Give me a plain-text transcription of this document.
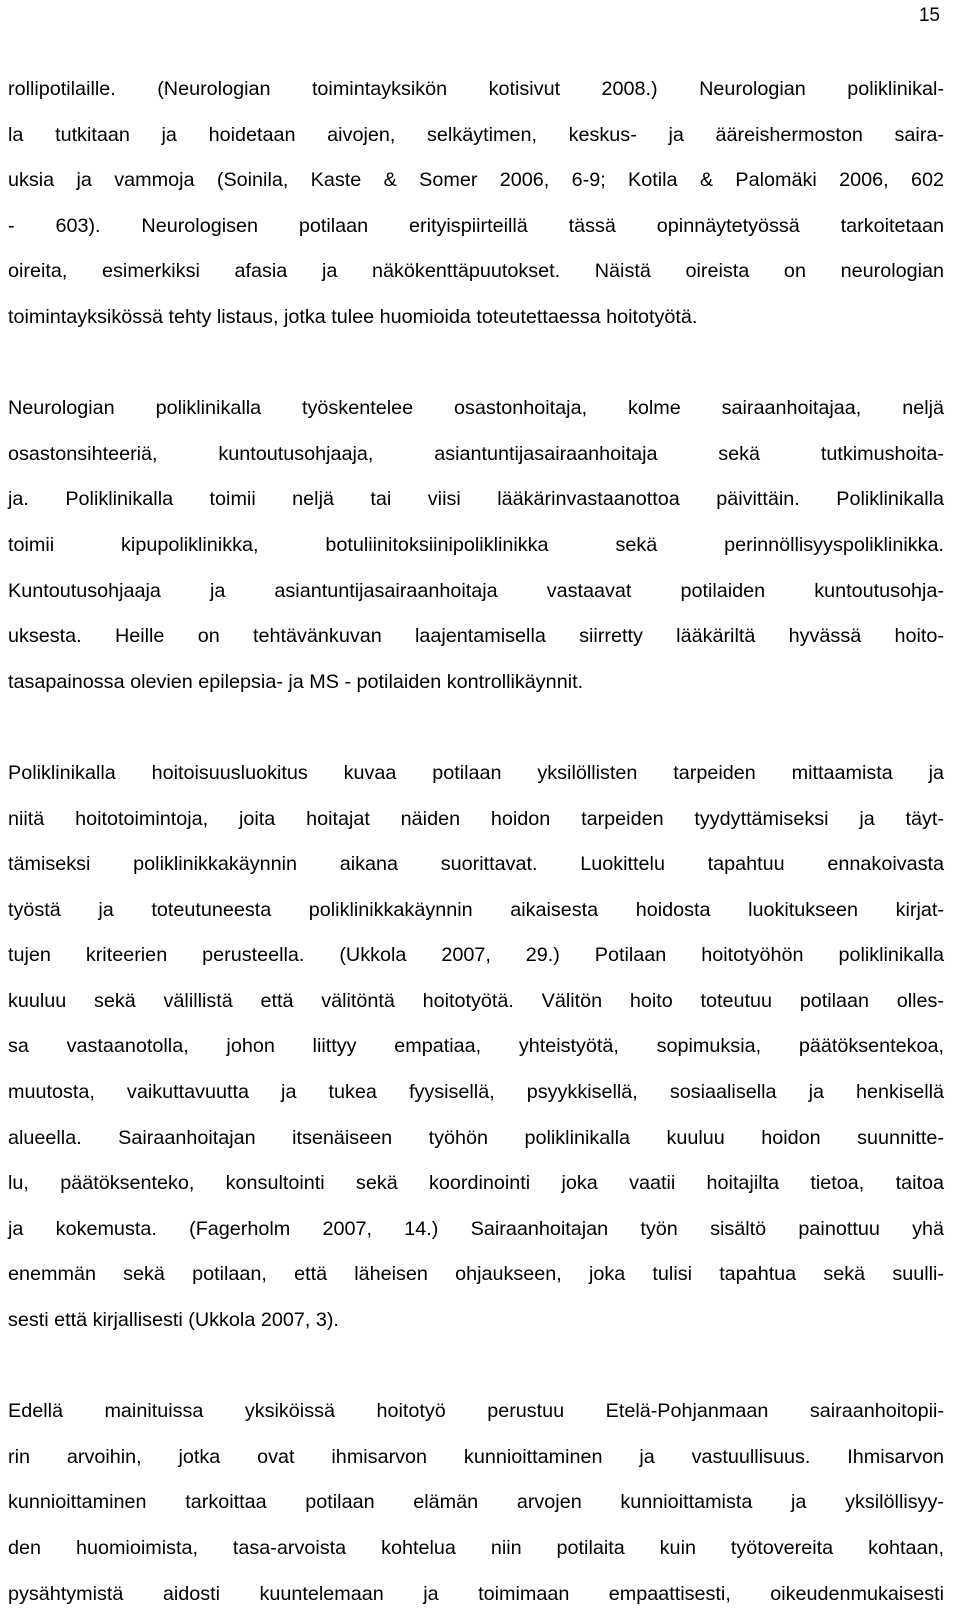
15
rollipotilaille. (Neurologian toimintayksikön kotisivut 2008.) Neurologian poliklinikal-
la tutkitaan ja hoidetaan aivojen, selkäytimen, keskus- ja ääreishermoston saira-
uksia ja vammoja (Soinila, Kaste & Somer 2006, 6-9; Kotila & Palomäki 2006, 602
- 603). Neurologisen potilaan erityispiirteillä tässä opinnäytetyössä tarkoitetaan
oireita, esimerkiksi afasia ja näkökenttäpuutokset. Näistä oireista on neurologian
toimintayksikössä tehty listaus, jotka tulee huomioida toteutettaessa hoitotyötä.
Neurologian poliklinikalla työskentelee osastonhoitaja, kolme sairaanhoitajaa, neljä
osastonsihteeriä, kuntoutusohjaaja, asiantuntijasairaanhoitaja sekä tutkimushoita-
ja. Poliklinikalla toimii neljä tai viisi lääkärinvastaanottoa päivittäin. Poliklinikalla
toimii kipupoliklinikka, botuliinitoksiinipoliklinikka sekä perinnöllisyyspoliklinikka.
Kuntoutusohjaaja ja asiantuntijasairaanhoitaja vastaavat potilaiden kuntoutusohja-
uksesta. Heille on tehtävänkuvan laajentamisella siirretty lääkäriltä hyvässä hoito-
tasapainossa olevien epilepsia- ja MS - potilaiden kontrollikäynnit.
Poliklinikalla hoitoisuusluokitus kuvaa potilaan yksilöllisten tarpeiden mittaamista ja
niitä hoitotoimintoja, joita hoitajat näiden hoidon tarpeiden tyydyttämiseksi ja täyt-
tämiseksi poliklinikkakäynnin aikana suorittavat. Luokittelu tapahtuu ennakoivasta
työstä ja toteutuneesta poliklinikkakäynnin aikaisesta hoidosta luokitukseen kirjat-
tujen kriteerien perusteella. (Ukkola 2007, 29.) Potilaan hoitotyöhön poliklinikalla
kuuluu sekä välillistä että välitöntä hoitotyötä. Välitön hoito toteutuu potilaan olles-
sa vastaanotolla, johon liittyy empatiaa, yhteistyötä, sopimuksia, päätöksentekoa,
muutosta, vaikuttavuutta ja tukea fyysisellä, psyykkisellä, sosiaalisella ja henkisellä
alueella. Sairaanhoitajan itsenäiseen työhön poliklinikalla kuuluu hoidon suunnitte-
lu, päätöksenteko, konsultointi sekä koordinointi joka vaatii hoitajilta tietoa, taitoa
ja kokemusta. (Fagerholm 2007, 14.) Sairaanhoitajan työn sisältö painottuu yhä
enemmän sekä potilaan, että läheisen ohjaukseen, joka tulisi tapahtua sekä suulli-
sesti että kirjallisesti (Ukkola 2007, 3).
Edellä mainituissa yksiköissä hoitotyö perustuu Etelä-Pohjanmaan sairaanhoitopii-
rin arvoihin, jotka ovat ihmisarvon kunnioittaminen ja vastuullisuus. Ihmisarvon
kunnioittaminen tarkoittaa potilaan elämän arvojen kunnioittamista ja yksilöllisyy-
den huomioimista, tasa-arvoista kohtelua niin potilaita kuin työtovereita kohtaan,
pysähtymistä aidosti kuuntelemaan ja toimimaan empaattisesti, oikeudenmukaisesti
